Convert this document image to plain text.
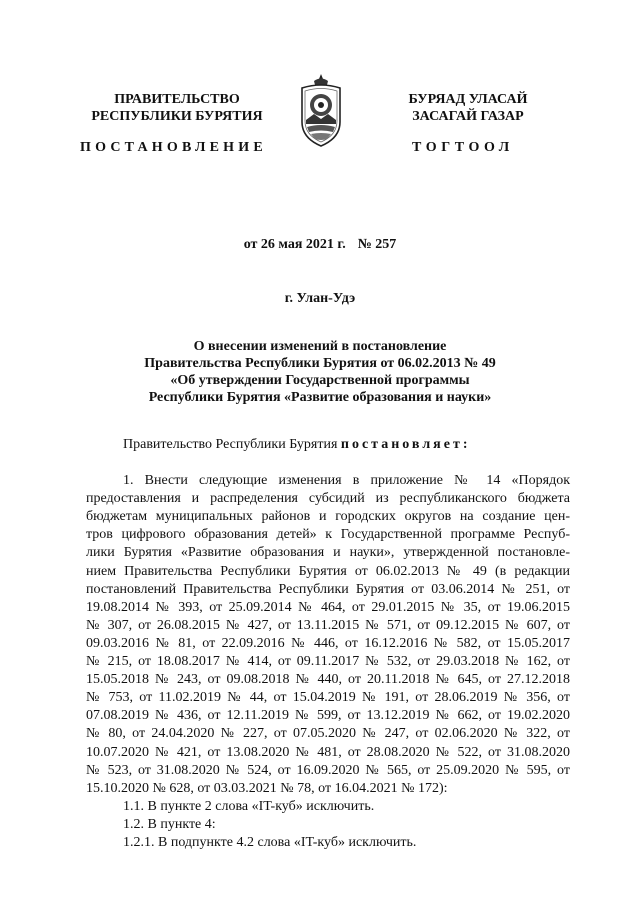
ПРАВИТЕЛЬСТВО
РЕСПУБЛИКИ БУРЯТИЯ
БУРЯАД УЛАСАЙ
ЗАСАГАЙ ГАЗАР
ПОСТАНОВЛЕНИЕ	ТОГТООЛ
от 26 мая 2021 г. № 257
г. Улан-Удэ
О внесении изменений в постановление
Правительства Республики Бурятия от 06.02.2013 № 49
«Об утверждении Государственной программы
Республики Бурятия «Развитие образования и науки»
Правительство Республики Бурятия постановляет:
1. Внести следующие изменения в приложение № 14 «Порядок
предоставления и распределения субсидий из республиканского бюджета
бюджетам муниципальных районов и городских округов на создание цен-
тров цифрового образования детей» к Государственной программе Респуб-
лики Бурятия «Развитие образования и науки», утвержденной постановле-
нием Правительства Республики Бурятия от 06.02.2013 № 49 (в редакции
постановлений Правительства Республики Бурятия от 03.06.2014 № 251, от
19.08.2014 № 393, от 25.09.2014 № 464, от 29.01.2015 № 35, от 19.06.2015
№ 307, от 26.08.2015 № 427, от 13.11.2015 № 571, от 09.12.2015 № 607, от
09.03.2016 № 81, от 22.09.2016 № 446, от 16.12.2016 № 582, от 15.05.2017
№ 215, от 18.08.2017 № 414, от 09.11.2017 № 532, от 29.03.2018 № 162, от
15.05.2018 № 243, от 09.08.2018 № 440, от 20.11.2018 № 645, от 27.12.2018
№ 753, от 11.02.2019 № 44, от 15.04.2019 № 191, от 28.06.2019 № 356, от
07.08.2019 № 436, от 12.11.2019 № 599, от 13.12.2019 № 662, от 19.02.2020
№ 80, от 24.04.2020 № 227, от 07.05.2020 № 247, от 02.06.2020 № 322, от
10.07.2020 № 421, от 13.08.2020 № 481, от 28.08.2020 № 522, от 31.08.2020
№ 523, от 31.08.2020 № 524, от 16.09.2020 № 565, от 25.09.2020 № 595, от
15.10.2020 № 628, от 03.03.2021 № 78, от 16.04.2021 № 172):
1.1. В пункте 2 слова «IT-куб» исключить.
1.2. В пункте 4:
1.2.1. В подпункте 4.2 слова «IT-куб» исключить.
